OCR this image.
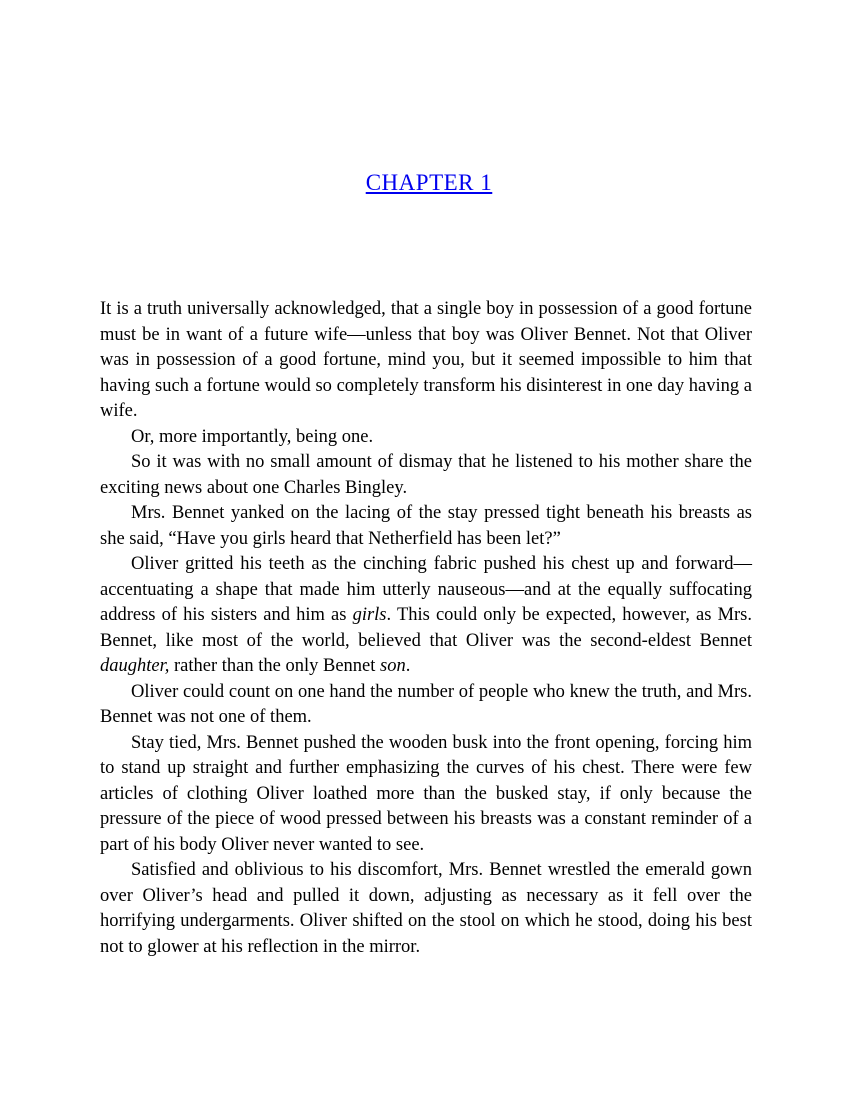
CHAPTER 1

It is a truth universally acknowledged, that a single boy in possession of a good fortune must be in want of a future wife—unless that boy was Oliver Bennet. Not that Oliver was in possession of a good fortune, mind you, but it seemed impossible to him that having such a fortune would so completely transform his disinterest in one day having a wife.

Or, more importantly, being one.

So it was with no small amount of dismay that he listened to his mother share the exciting news about one Charles Bingley.

Mrs. Bennet yanked on the lacing of the stay pressed tight beneath his breasts as she said, “Have you girls heard that Netherfield has been let?”

Oliver gritted his teeth as the cinching fabric pushed his chest up and forward—accentuating a shape that made him utterly nauseous—and at the equally suffocating address of his sisters and him as girls. This could only be expected, however, as Mrs. Bennet, like most of the world, believed that Oliver was the second-eldest Bennet daughter, rather than the only Bennet son.

Oliver could count on one hand the number of people who knew the truth, and Mrs. Bennet was not one of them.

Stay tied, Mrs. Bennet pushed the wooden busk into the front opening, forcing him to stand up straight and further emphasizing the curves of his chest. There were few articles of clothing Oliver loathed more than the busked stay, if only because the pressure of the piece of wood pressed between his breasts was a constant reminder of a part of his body Oliver never wanted to see.

Satisfied and oblivious to his discomfort, Mrs. Bennet wrestled the emerald gown over Oliver’s head and pulled it down, adjusting as necessary as it fell over the horrifying undergarments. Oliver shifted on the stool on which he stood, doing his best not to glower at his reflection in the mirror.
